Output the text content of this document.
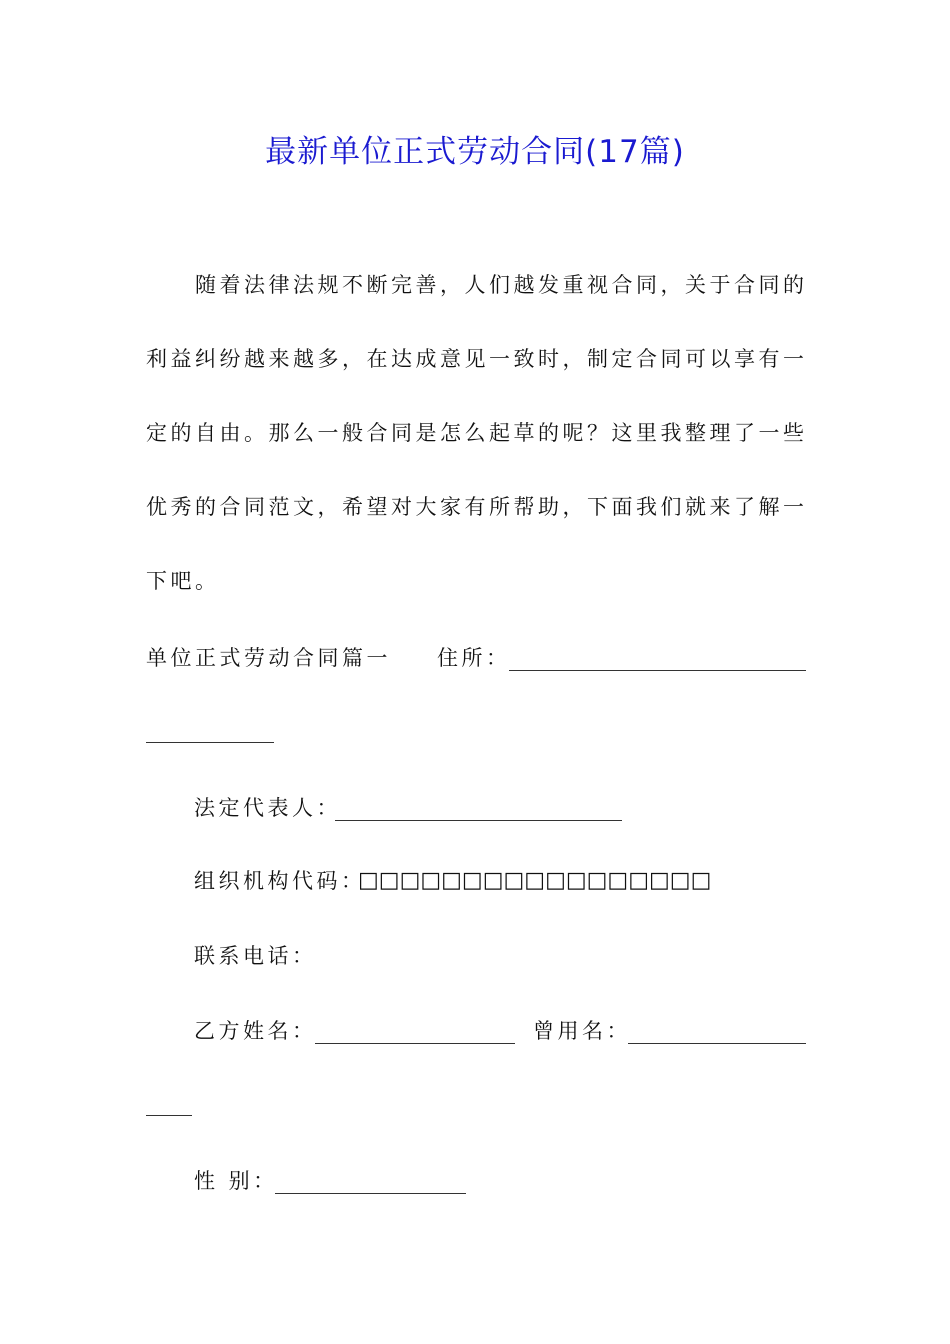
最新单位正式劳动合同(17篇)
随着法律法规不断完善，人们越发重视合同，关于合同的
利益纠纷越来越多，在达成意见一致时，制定合同可以享有一
定的自由。那么一般合同是怎么起草的呢？这里我整理了一些
优秀的合同范文，希望对大家有所帮助，下面我们就来了解一
下吧。
单位正式劳动合同篇一 住所：
法定代表人：
组织机构代码：
□□□□□□□□□□□□□□□□□
联系电话：
乙方姓名：	曾用名：
性 别：
